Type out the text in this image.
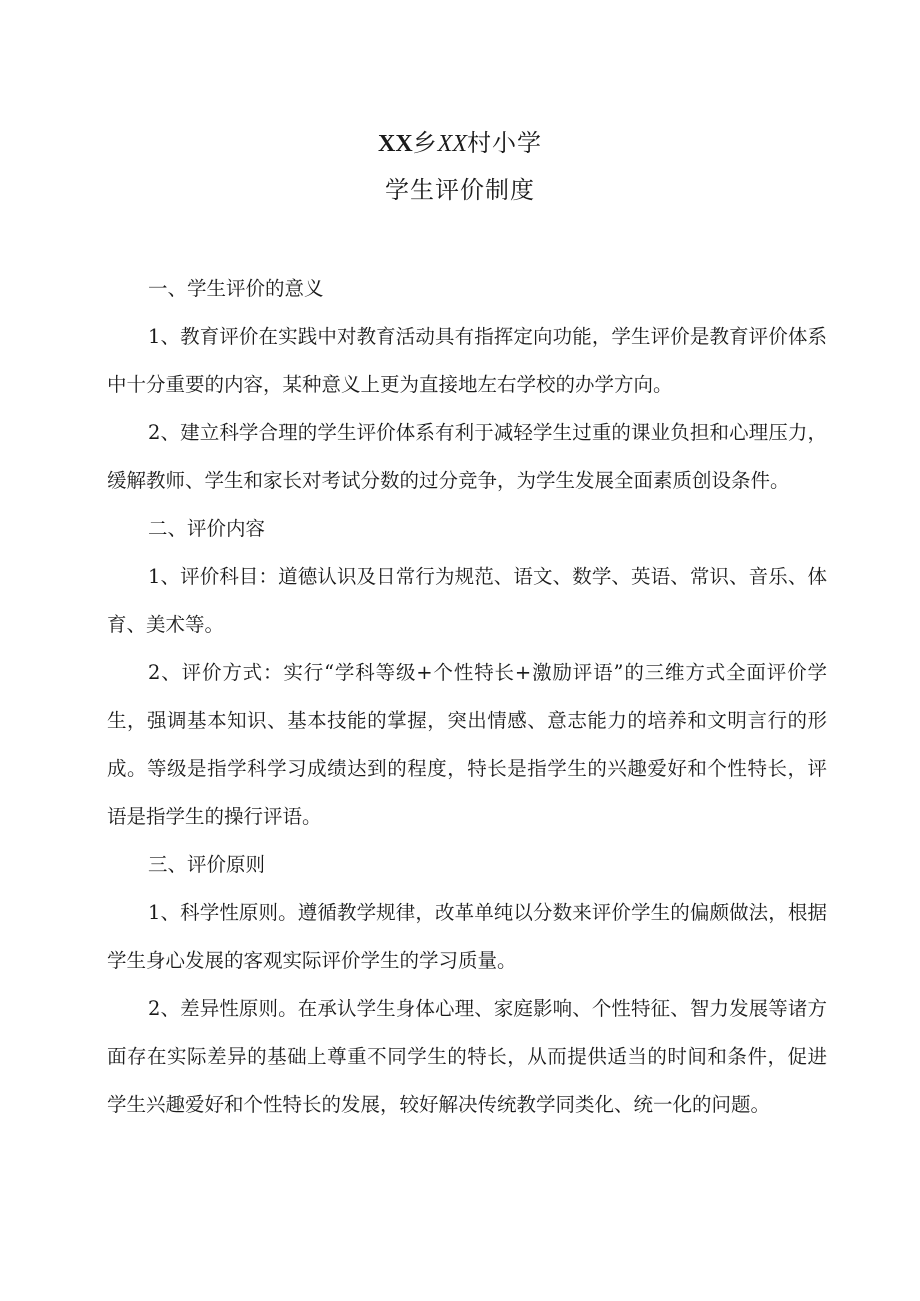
XX乡XX村小学
学生评价制度

一、学生评价的意义

1、教育评价在实践中对教育活动具有指挥定向功能，学生评价是教育评价体系中十分重要的内容，某种意义上更为直接地左右学校的办学方向。

2、建立科学合理的学生评价体系有利于减轻学生过重的课业负担和心理压力，缓解教师、学生和家长对考试分数的过分竞争，为学生发展全面素质创设条件。

二、评价内容

1、评价科目：道德认识及日常行为规范、语文、数学、英语、常识、音乐、体育、美术等。

2、评价方式：实行“学科等级+个性特长+激励评语”的三维方式全面评价学生，强调基本知识、基本技能的掌握，突出情感、意志能力的培养和文明言行的形成。等级是指学科学习成绩达到的程度，特长是指学生的兴趣爱好和个性特长，评语是指学生的操行评语。

三、评价原则

1、科学性原则。遵循教学规律，改革单纯以分数来评价学生的偏颇做法，根据学生身心发展的客观实际评价学生的学习质量。

2、差异性原则。在承认学生身体心理、家庭影响、个性特征、智力发展等诸方面存在实际差异的基础上尊重不同学生的特长，从而提供适当的时间和条件，促进学生兴趣爱好和个性特长的发展，较好解决传统教学同类化、统一化的问题。
